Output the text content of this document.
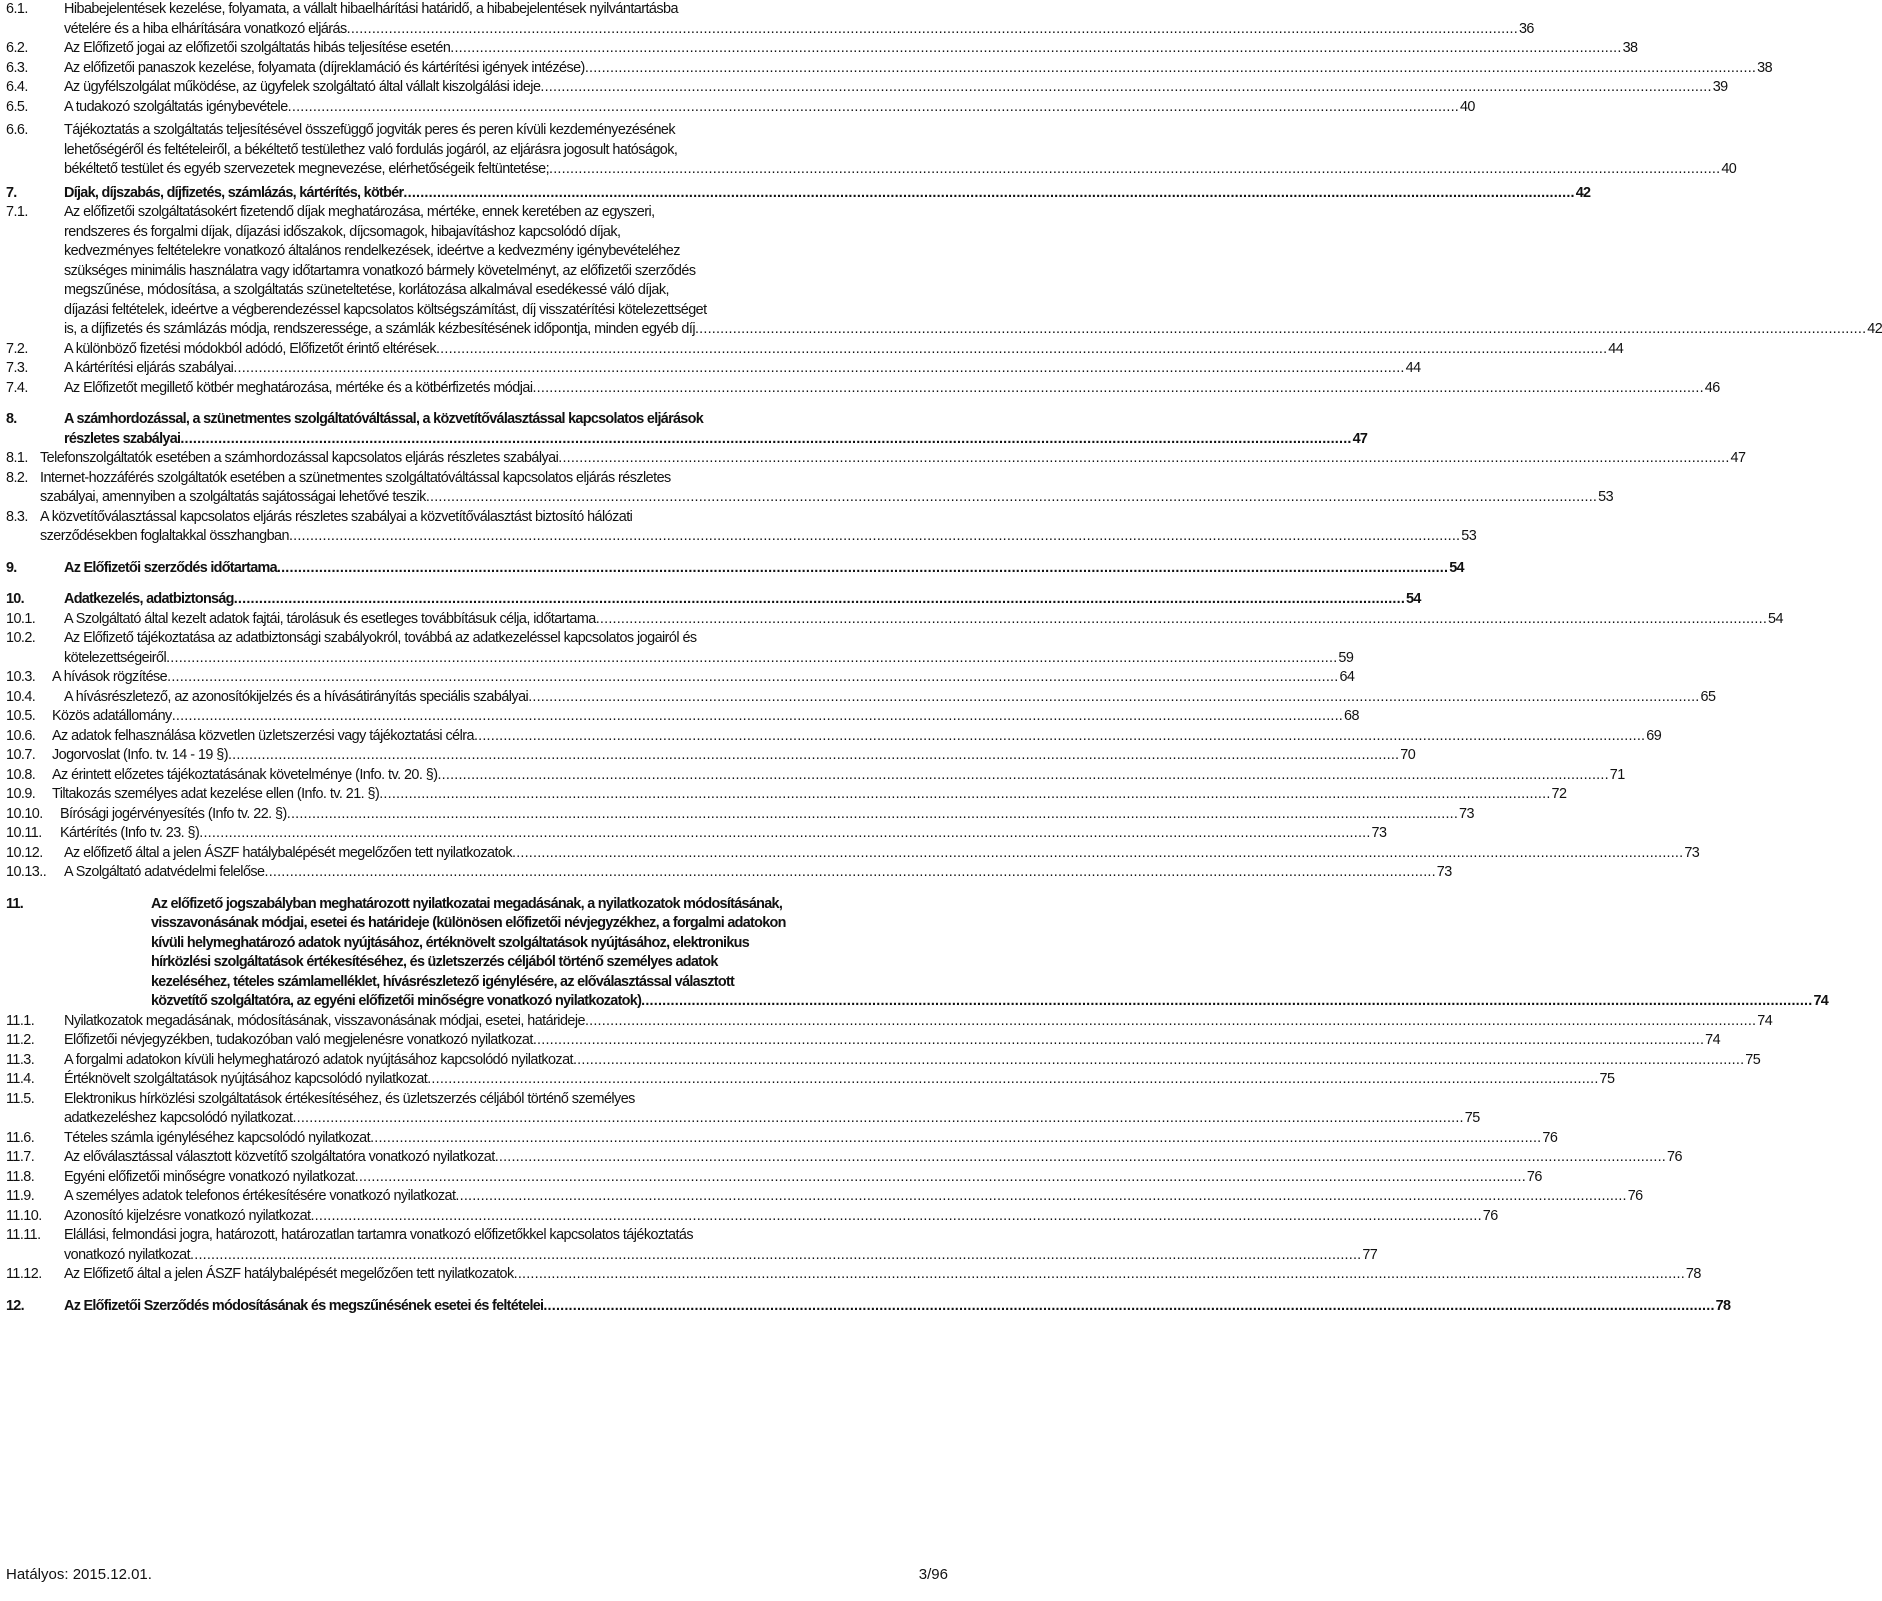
6.1.	Hibabejelentések kezelése, folyamata, a vállalt hibaelhárítási határidő, a hibabejelentések nyilvántartásba
vételére és a hiba elhárítására vonatkozó eljárás .....	36
6.2.	Az Előfizető jogai az előfizetői szolgáltatás hibás teljesítése esetén .....	38
6.3.	Az előfizetői panaszok kezelése, folyamata (díjreklamáció és kártérítési igények intézése) .....	38
6.4.	Az ügyfélszolgálat működése, az ügyfelek szolgáltató által vállalt kiszolgálási ideje .....	39
6.5.	A tudakozó szolgáltatás igénybevétele .....	40
6.6.	Tájékoztatás a szolgáltatás teljesítésével összefüggő jogviták peres és peren kívüli kezdeményezésének
lehetőségéről és feltételeiről, a békéltető testülethez való fordulás jogáról, az eljárásra jogosult hatóságok,
békéltető testület és egyéb szervezetek megnevezése, elérhetőségeik feltüntetése; .....	40
7.	Díjak, díjszabás, díjfizetés, számlázás, kártérítés, kötbér .....	42
7.1.	Az előfizetői szolgáltatásokért fizetendő díjak meghatározása, mértéke, ennek keretében az egyszeri,
rendszeres és forgalmi díjak, díjazási időszakok, díjcsomagok, hibajavításhoz kapcsolódó díjak,
kedvezményes feltételekre vonatkozó általános rendelkezések, ideértve a kedvezmény igénybevételéhez
szükséges minimális használatra vagy időtartamra vonatkozó bármely követelményt, az előfizetői szerződés
megszűnése, módosítása, a szolgáltatás szüneteltetése, korlátozása alkalmával esedékessé váló díjak,
díjazási feltételek, ideértve a végberendezéssel kapcsolatos költségszámítást, díj visszatérítési kötelezettséget
is, a díjfizetés és számlázás módja, rendszeressége, a számlák kézbesítésének időpontja, minden egyéb díj .....	42
7.2.	A különböző fizetési módokból adódó, Előfizetőt érintő eltérések .....	44
7.3.	A kártérítési eljárás szabályai .....	44
7.4.	Az Előfizetőt megillető kötbér meghatározása, mértéke és a kötbérfizetés módjai .....	46
8.	A számhordozással, a szünetmentes szolgáltatóváltással, a közvetítőválasztással kapcsolatos eljárások
részletes szabályai .....	47
8.1. Telefonszolgáltatók esetében a számhordozással kapcsolatos eljárás részletes szabályai .....	47
8.2. Internet-hozzáférés szolgáltatók esetében a szünetmentes szolgáltatóváltással kapcsolatos eljárás részletes
szabályai, amennyiben a szolgáltatás sajátosságai lehetővé teszik .....	53
8.3. A közvetítőválasztással kapcsolatos eljárás részletes szabályai a közvetítőválasztást biztosító hálózati
szerződésekben foglaltakkal összhangban .....	53
9.	Az Előfizetői szerződés időtartama .....	54
10.	Adatkezelés, adatbiztonság .....	54
10.1.	A Szolgáltató által kezelt adatok fajtái, tárolásuk és esetleges továbbításuk célja, időtartama .....	54
10.2.	Az Előfizető tájékoztatása az adatbiztonsági szabályokról, továbbá az adatkezeléssel kapcsolatos jogairól és
kötelezettségeiről .....	59
10.3.	A hívások rögzítése .....	64
10.4.	A hívásrészletező, az azonosítókijelzés és a hívásátirányítás speciális szabályai .....	65
10.5.	Közös adatállomány .....	68
10.6.	Az adatok felhasználása közvetlen üzletszerzési vagy tájékoztatási célra .....	69
10.7.	Jogorvoslat (Info. tv. 14 - 19 §) .....	70
10.8.	Az érintett előzetes tájékoztatásának követelménye (Info. tv. 20. §) .....	71
10.9.	Tiltakozás személyes adat kezelése ellen (Info. tv. 21. §) .....	72
10.10.	Bírósági jogérvényesítés (Info tv. 22. §) .....	73
10.11.	Kártérítés (Info tv. 23. §) .....	73
10.12.	Az előfizető által a jelen ÁSZF hatálybalépését megelőzően tett nyilatkozatok .....	73
10.13..	A Szolgáltató adatvédelmi felelőse .....	73
11.	Az előfizető jogszabályban meghatározott nyilatkozatai megadásának, a nyilatkozatok módosításának,
visszavonásának módjai, esetei és határideje (különösen előfizetői névjegyzékhez, a forgalmi adatokon
kívüli helymeghatározó adatok nyújtásához, értéknövelt szolgáltatások nyújtásához, elektronikus
hírközlési szolgáltatások értékesítéséhez, és üzletszerzés céljából történő személyes adatok
kezeléséhez, tételes számlamelléklet, hívásrészletező igénylésére, az előválasztással választott
közvetítő szolgáltatóra, az egyéni előfizetői minőségre vonatkozó nyilatkozatok) .....	74
11.1.	Nyilatkozatok megadásának, módosításának, visszavonásának módjai, esetei, határideje .....	74
11.2.	Előfizetői névjegyzékben, tudakozóban való megjelenésre vonatkozó nyilatkozat .....	74
11.3.	A forgalmi adatokon kívüli helymeghatározó adatok nyújtásához kapcsolódó nyilatkozat .....	75
11.4.	Értéknövelt szolgáltatások nyújtásához kapcsolódó nyilatkozat .....	75
11.5.	Elektronikus hírközlési szolgáltatások értékesítéséhez, és üzletszerzés céljából történő személyes
adatkezeléshez kapcsolódó nyilatkozat .....	75
11.6.	Tételes számla igényléséhez kapcsolódó nyilatkozat .....	76
11.7.	Az előválasztással választott közvetítő szolgáltatóra vonatkozó nyilatkozat .....	76
11.8.	Egyéni előfizetői minőségre vonatkozó nyilatkozat .....	76
11.9.	A személyes adatok telefonos értékesítésére vonatkozó nyilatkozat .....	76
11.10.	Azonosító kijelzésre vonatkozó nyilatkozat .....	76
11.11.	Elállási, felmondási jogra, határozott, határozatlan tartamra vonatkozó előfizetőkkel kapcsolatos tájékoztatás
vonatkozó nyilatkozat .....	77
11.12.	Az Előfizető által a jelen ÁSZF hatálybalépését megelőzően tett nyilatkozatok .....	78
12.	Az Előfizetői Szerződés módosításának és megszűnésének esetei és feltételei .....	78
Hatályos: 2015.12.01.	3/96
